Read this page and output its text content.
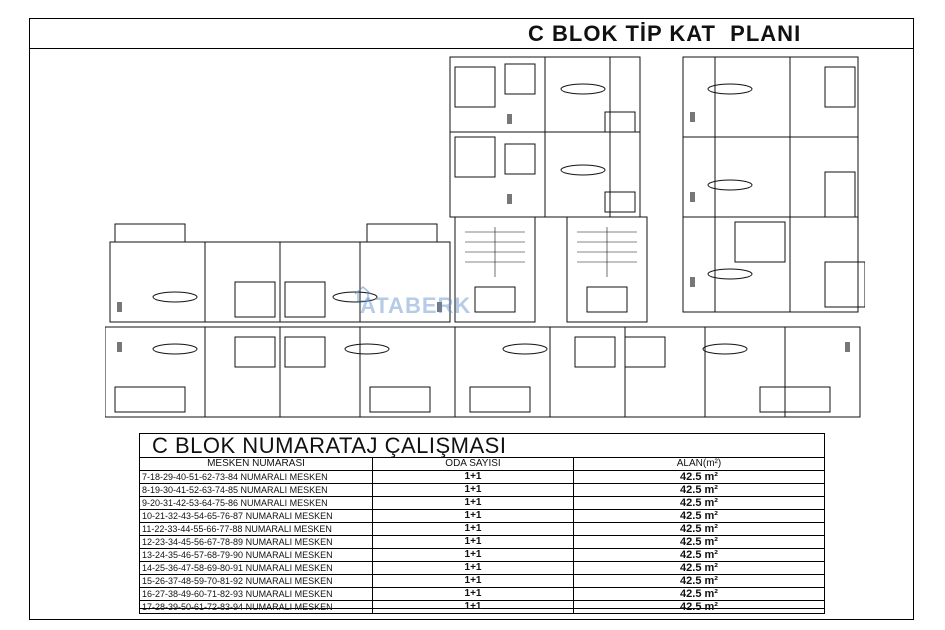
C BLOK TİP KAT  PLANI
ATABERK
C BLOK NUMARATAJ ÇALIŞMASI
MESKEN NUMARASI	ODA SAYISI	ALAN(m²)
7-18-29-40-51-62-73-84 NUMARALI MESKEN	1+1	42.5 m²
8-19-30-41-52-63-74-85 NUMARALI MESKEN	1+1	42.5 m²
9-20-31-42-53-64-75-86 NUMARALI MESKEN	1+1	42.5 m²
10-21-32-43-54-65-76-87 NUMARALI MESKEN	1+1	42.5 m²
11-22-33-44-55-66-77-88 NUMARALI MESKEN	1+1	42.5 m²
12-23-34-45-56-67-78-89 NUMARALI MESKEN	1+1	42.5 m²
13-24-35-46-57-68-79-90 NUMARALI MESKEN	1+1	42.5 m²
14-25-36-47-58-69-80-91 NUMARALI MESKEN	1+1	42.5 m²
15-26-37-48-59-70-81-92 NUMARALI MESKEN	1+1	42.5 m²
16-27-38-49-60-71-82-93 NUMARALI MESKEN	1+1	42.5 m²
17-28-39-50-61-72-83-94 NUMARALI MESKEN	1+1	42.5 m²
